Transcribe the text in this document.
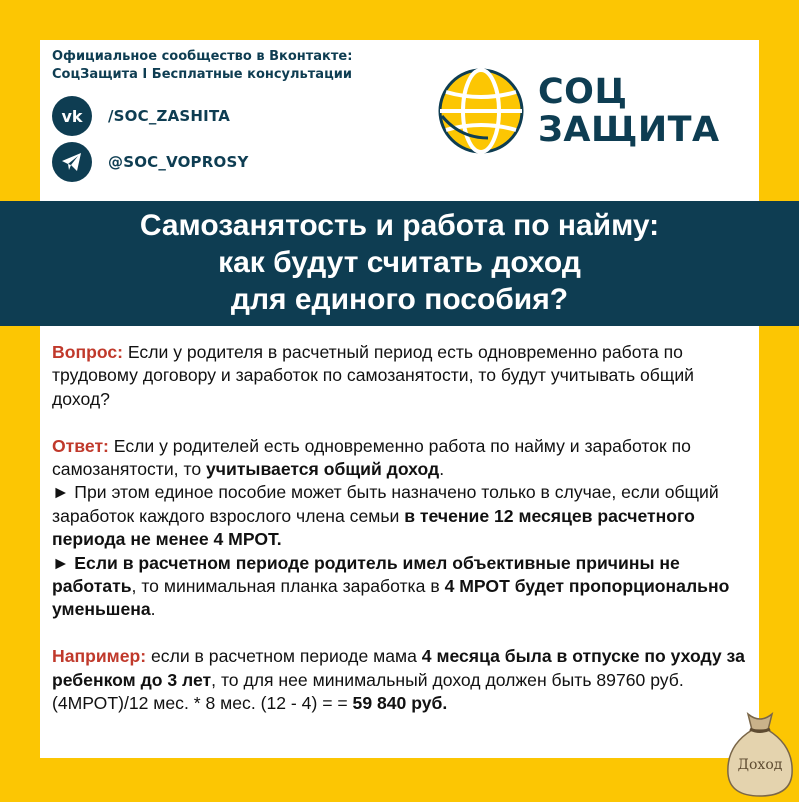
Официальное сообщество в Вконтакте:
СоцЗащита I Бесплатные консультации
vk /SOC_ZASHITA
@SOC_VOPROSY
СОЦ
ЗАЩИТА
Самозанятость и работа по найму:
как будут считать доход
для единого пособия?

Вопрос: Если у родителя в расчетный период есть одновременно работа по трудовому договору и заработок по самозанятости, то будут учитывать общий доход?

Ответ: Если у родителей есть одновременно работа по найму и заработок по самозанятости, то учитывается общий доход.
► При этом единое пособие может быть назначено только в случае, если общий заработок каждого взрослого члена семьи в течение 12 месяцев расчетного периода не менее 4 МРОТ.
► Если в расчетном периоде родитель имел объективные причины не работать, то минимальная планка заработка в 4 МРОТ будет пропорционально уменьшена.

Например: если в расчетном периоде мама 4 месяца была в отпуске по уходу за ребенком до 3 лет, то для нее минимальный доход должен быть 89760 руб.(4МРОТ)/12 мес. * 8 мес. (12 - 4) = = 59 840 руб.

Доход
